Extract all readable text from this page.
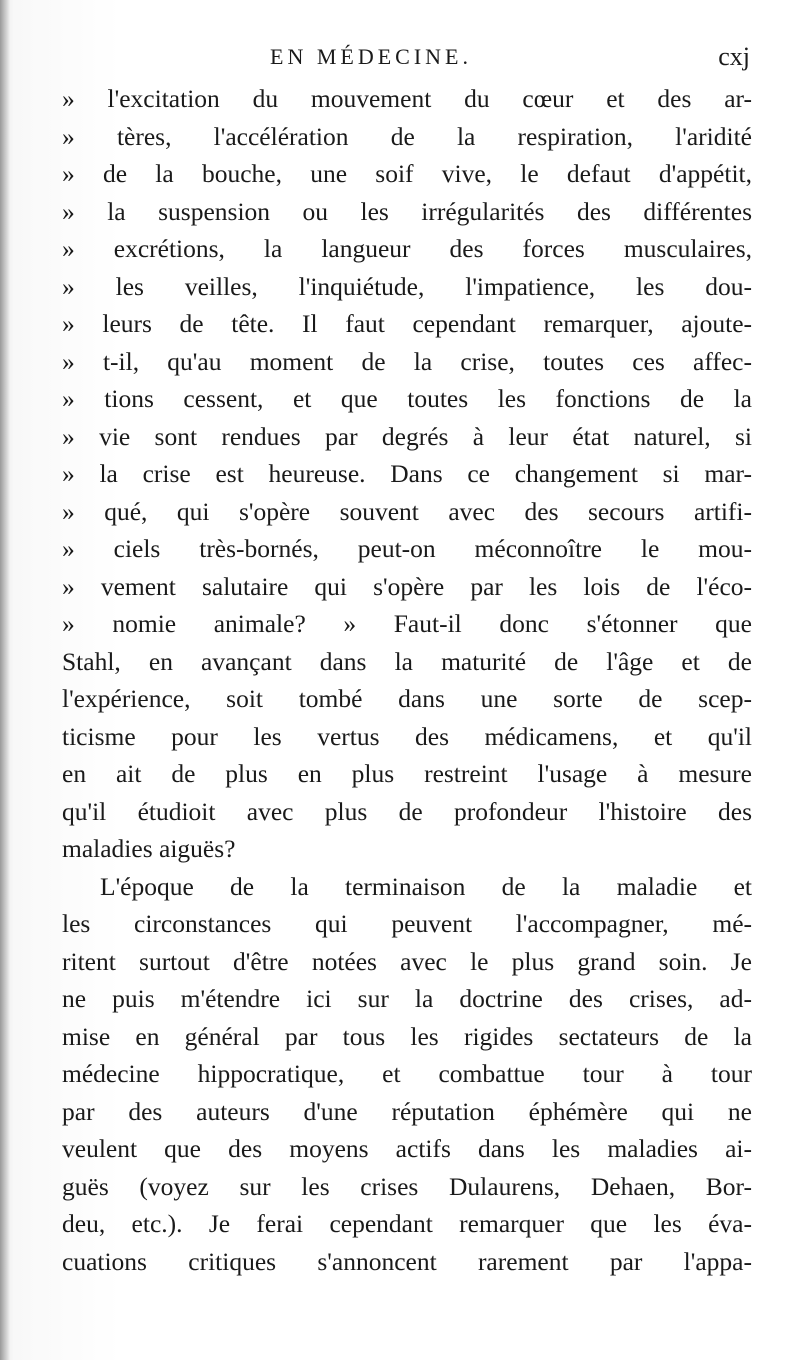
EN MÉDECINE.	cxj
» l'excitation du mouvement du cœur et des ar-
» tères, l'accélération de la respiration, l'aridité
» de la bouche, une soif vive, le defaut d'appétit,
» la suspension ou les irrégularités des différentes
» excrétions, la langueur des forces musculaires,
» les veilles, l'inquiétude, l'impatience, les dou-
» leurs de tête. Il faut cependant remarquer, ajoute-
» t-il, qu'au moment de la crise, toutes ces affec-
» tions cessent, et que toutes les fonctions de la
» vie sont rendues par degrés à leur état naturel, si
» la crise est heureuse. Dans ce changement si mar-
» qué, qui s'opère souvent avec des secours artifi-
» ciels très-bornés, peut-on méconnoître le mou-
» vement salutaire qui s'opère par les lois de l'éco-
» nomie animale? » Faut-il donc s'étonner que
Stahl, en avançant dans la maturité de l'âge et de
l'expérience, soit tombé dans une sorte de scep-
ticisme pour les vertus des médicamens, et qu'il
en ait de plus en plus restreint l'usage à mesure
qu'il étudioit avec plus de profondeur l'histoire des
maladies aiguës?
L'époque de la terminaison de la maladie et
les circonstances qui peuvent l'accompagner, mé-
ritent surtout d'être notées avec le plus grand soin. Je
ne puis m'étendre ici sur la doctrine des crises, ad-
mise en général par tous les rigides sectateurs de la
médecine hippocratique, et combattue tour à tour
par des auteurs d'une réputation éphémère qui ne
veulent que des moyens actifs dans les maladies ai-
guës (voyez sur les crises Dulaurens, Dehaen, Bor-
deu, etc.). Je ferai cependant remarquer que les éva-
cuations critiques s'annoncent rarement par l'appa-
